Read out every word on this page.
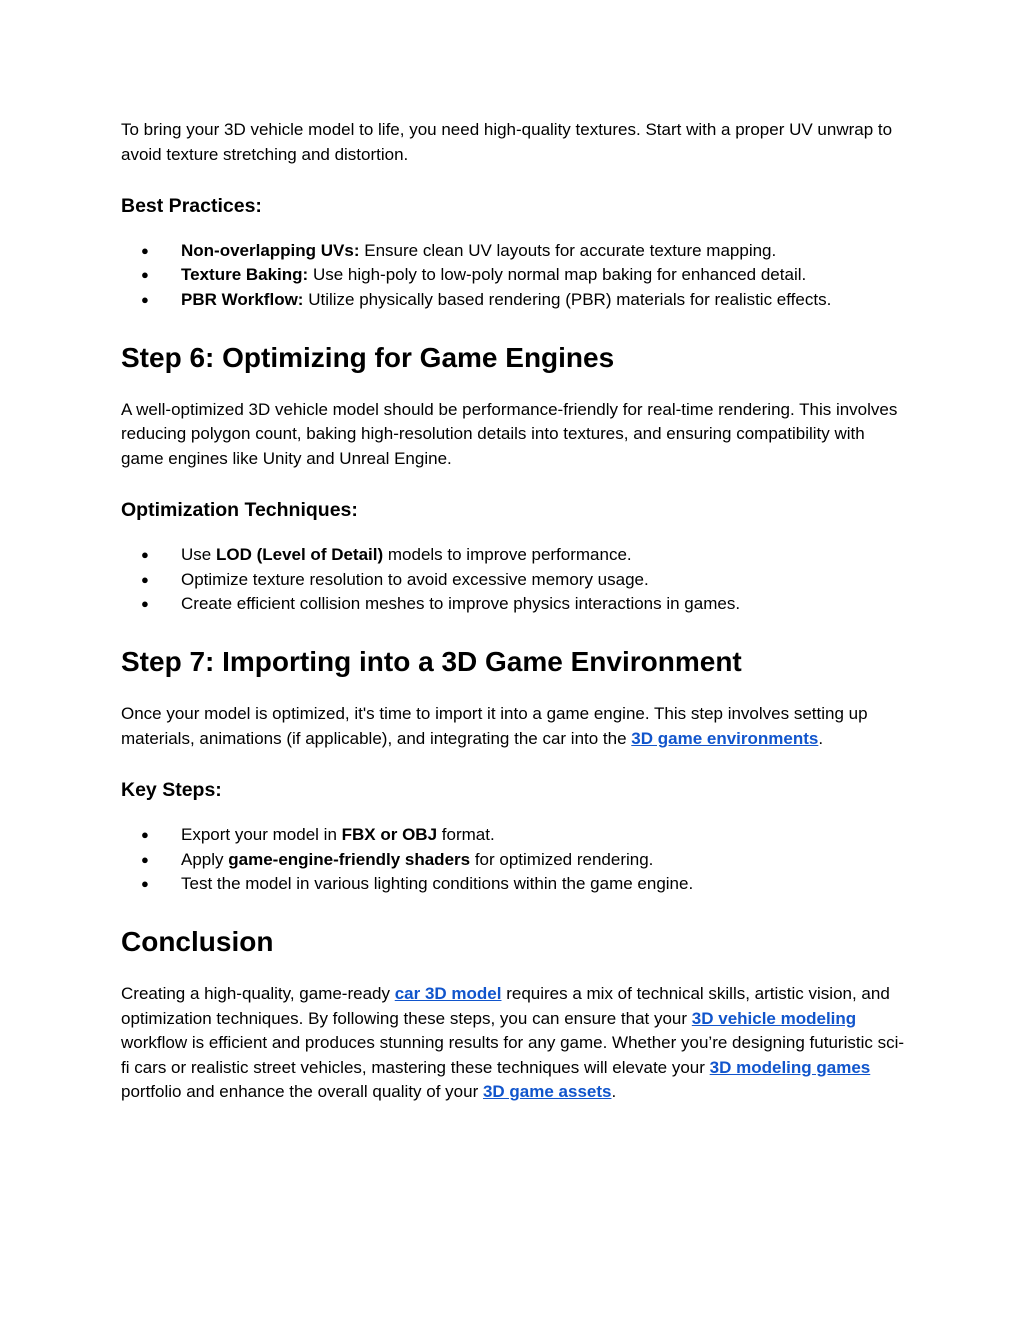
To bring your 3D vehicle model to life, you need high-quality textures. Start with a proper UV unwrap to avoid texture stretching and distortion.

Best Practices:
● Non-overlapping UVs: Ensure clean UV layouts for accurate texture mapping.
● Texture Baking: Use high-poly to low-poly normal map baking for enhanced detail.
● PBR Workflow: Utilize physically based rendering (PBR) materials for realistic effects.
Step 6: Optimizing for Game Engines

A well-optimized 3D vehicle model should be performance-friendly for real-time rendering. This involves reducing polygon count, baking high-resolution details into textures, and ensuring compatibility with game engines like Unity and Unreal Engine.

Optimization Techniques:
● Use LOD (Level of Detail) models to improve performance.
● Optimize texture resolution to avoid excessive memory usage.
● Create efficient collision meshes to improve physics interactions in games.
Step 7: Importing into a 3D Game Environment

Once your model is optimized, it's time to import it into a game engine. This step involves setting up materials, animations (if applicable), and integrating the car into the 3D game environments.

Key Steps:
● Export your model in FBX or OBJ format.
● Apply game-engine-friendly shaders for optimized rendering.
● Test the model in various lighting conditions within the game engine.
Conclusion

Creating a high-quality, game-ready car 3D model requires a mix of technical skills, artistic vision, and optimization techniques. By following these steps, you can ensure that your 3D vehicle modeling workflow is efficient and produces stunning results for any game. Whether you’re designing futuristic sci-fi cars or realistic street vehicles, mastering these techniques will elevate your 3D modeling games portfolio and enhance the overall quality of your 3D game assets.
